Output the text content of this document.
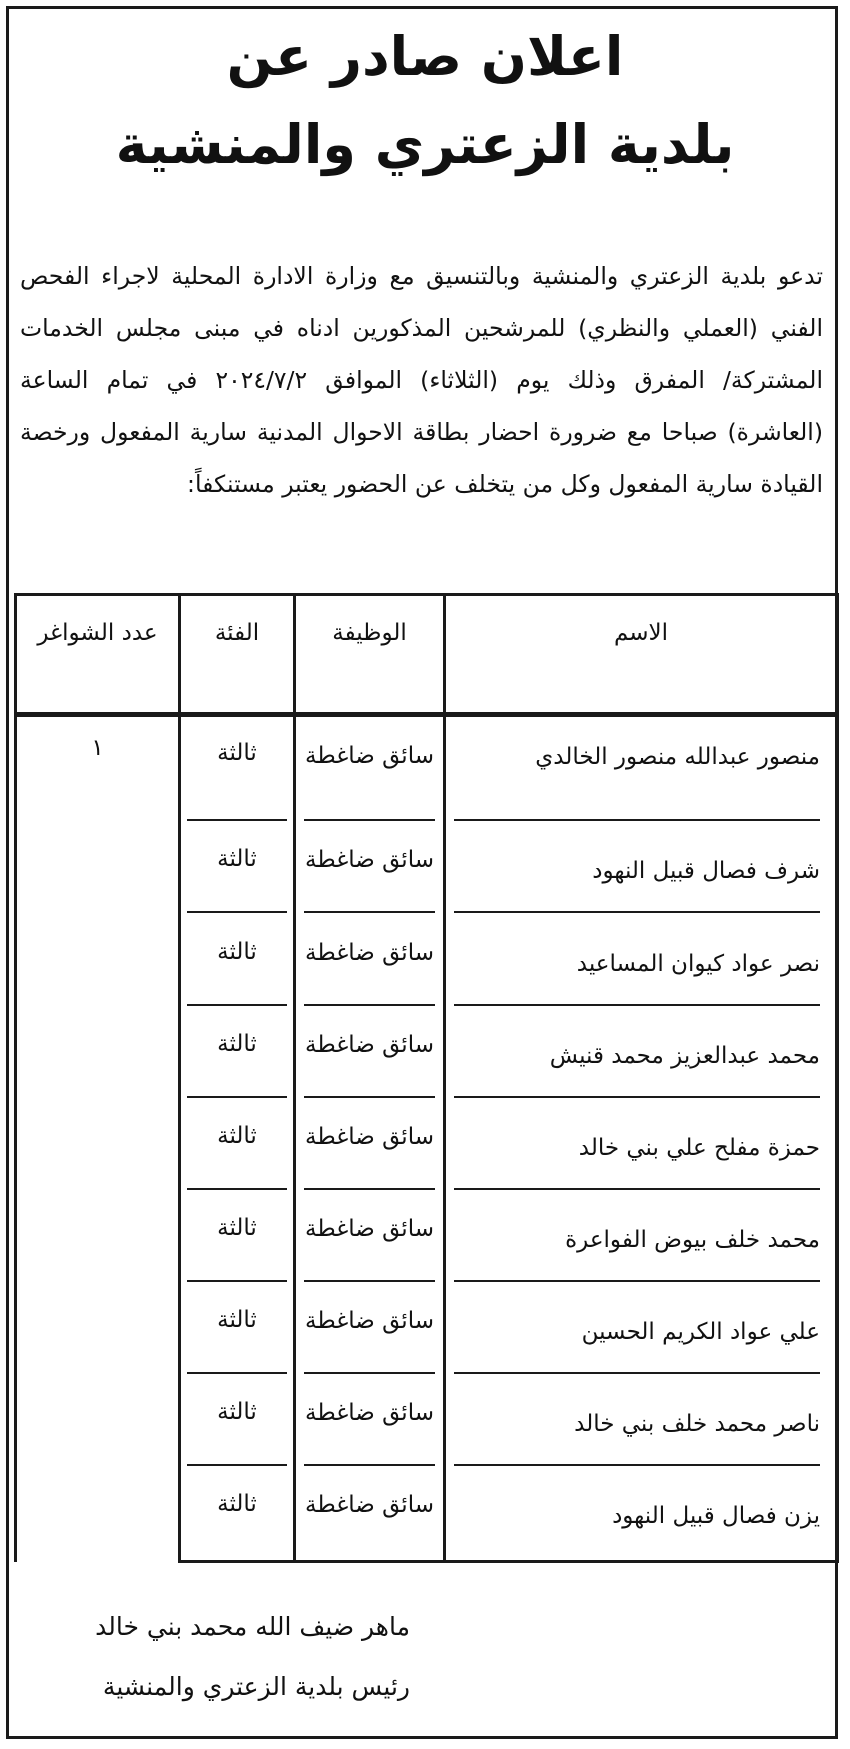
اعلان صادر عن
بلدية الزعتري والمنشية
تدعو بلدية الزعتري والمنشية وبالتنسيق مع وزارة الادارة المحلية لاجراء الفحص الفني (العملي والنظري) للمرشحين المذكورين ادناه في مبنى مجلس الخدمات المشتركة/ المفرق وذلك يوم (الثلاثاء) الموافق ٢٠٢٤/٧/٢ في تمام الساعة (العاشرة) صباحا مع ضرورة احضار بطاقة الاحوال المدنية سارية المفعول ورخصة القيادة سارية المفعول وكل من يتخلف عن الحضور يعتبر مستنكفاً:
الاسم	الوظيفة	الفئة	عدد الشواغر

منصور عبدالله منصور الخالدي	سائق ضاغطة	ثالثة	١

شرف فصال قبيل النهود	سائق ضاغطة	ثالثة	

نصر عواد كيوان المساعيد	سائق ضاغطة	ثالثة	

محمد عبدالعزيز محمد قنيش	سائق ضاغطة	ثالثة	

حمزة مفلح علي بني خالد	سائق ضاغطة	ثالثة	

محمد خلف بيوض الفواعرة	سائق ضاغطة	ثالثة	

علي عواد الكريم الحسين	سائق ضاغطة	ثالثة	

ناصر محمد خلف بني خالد	سائق ضاغطة	ثالثة	

يزن فصال قبيل النهود	سائق ضاغطة	ثالثة	
ماهر ضيف الله محمد بني خالد
رئيس بلدية الزعتري والمنشية
